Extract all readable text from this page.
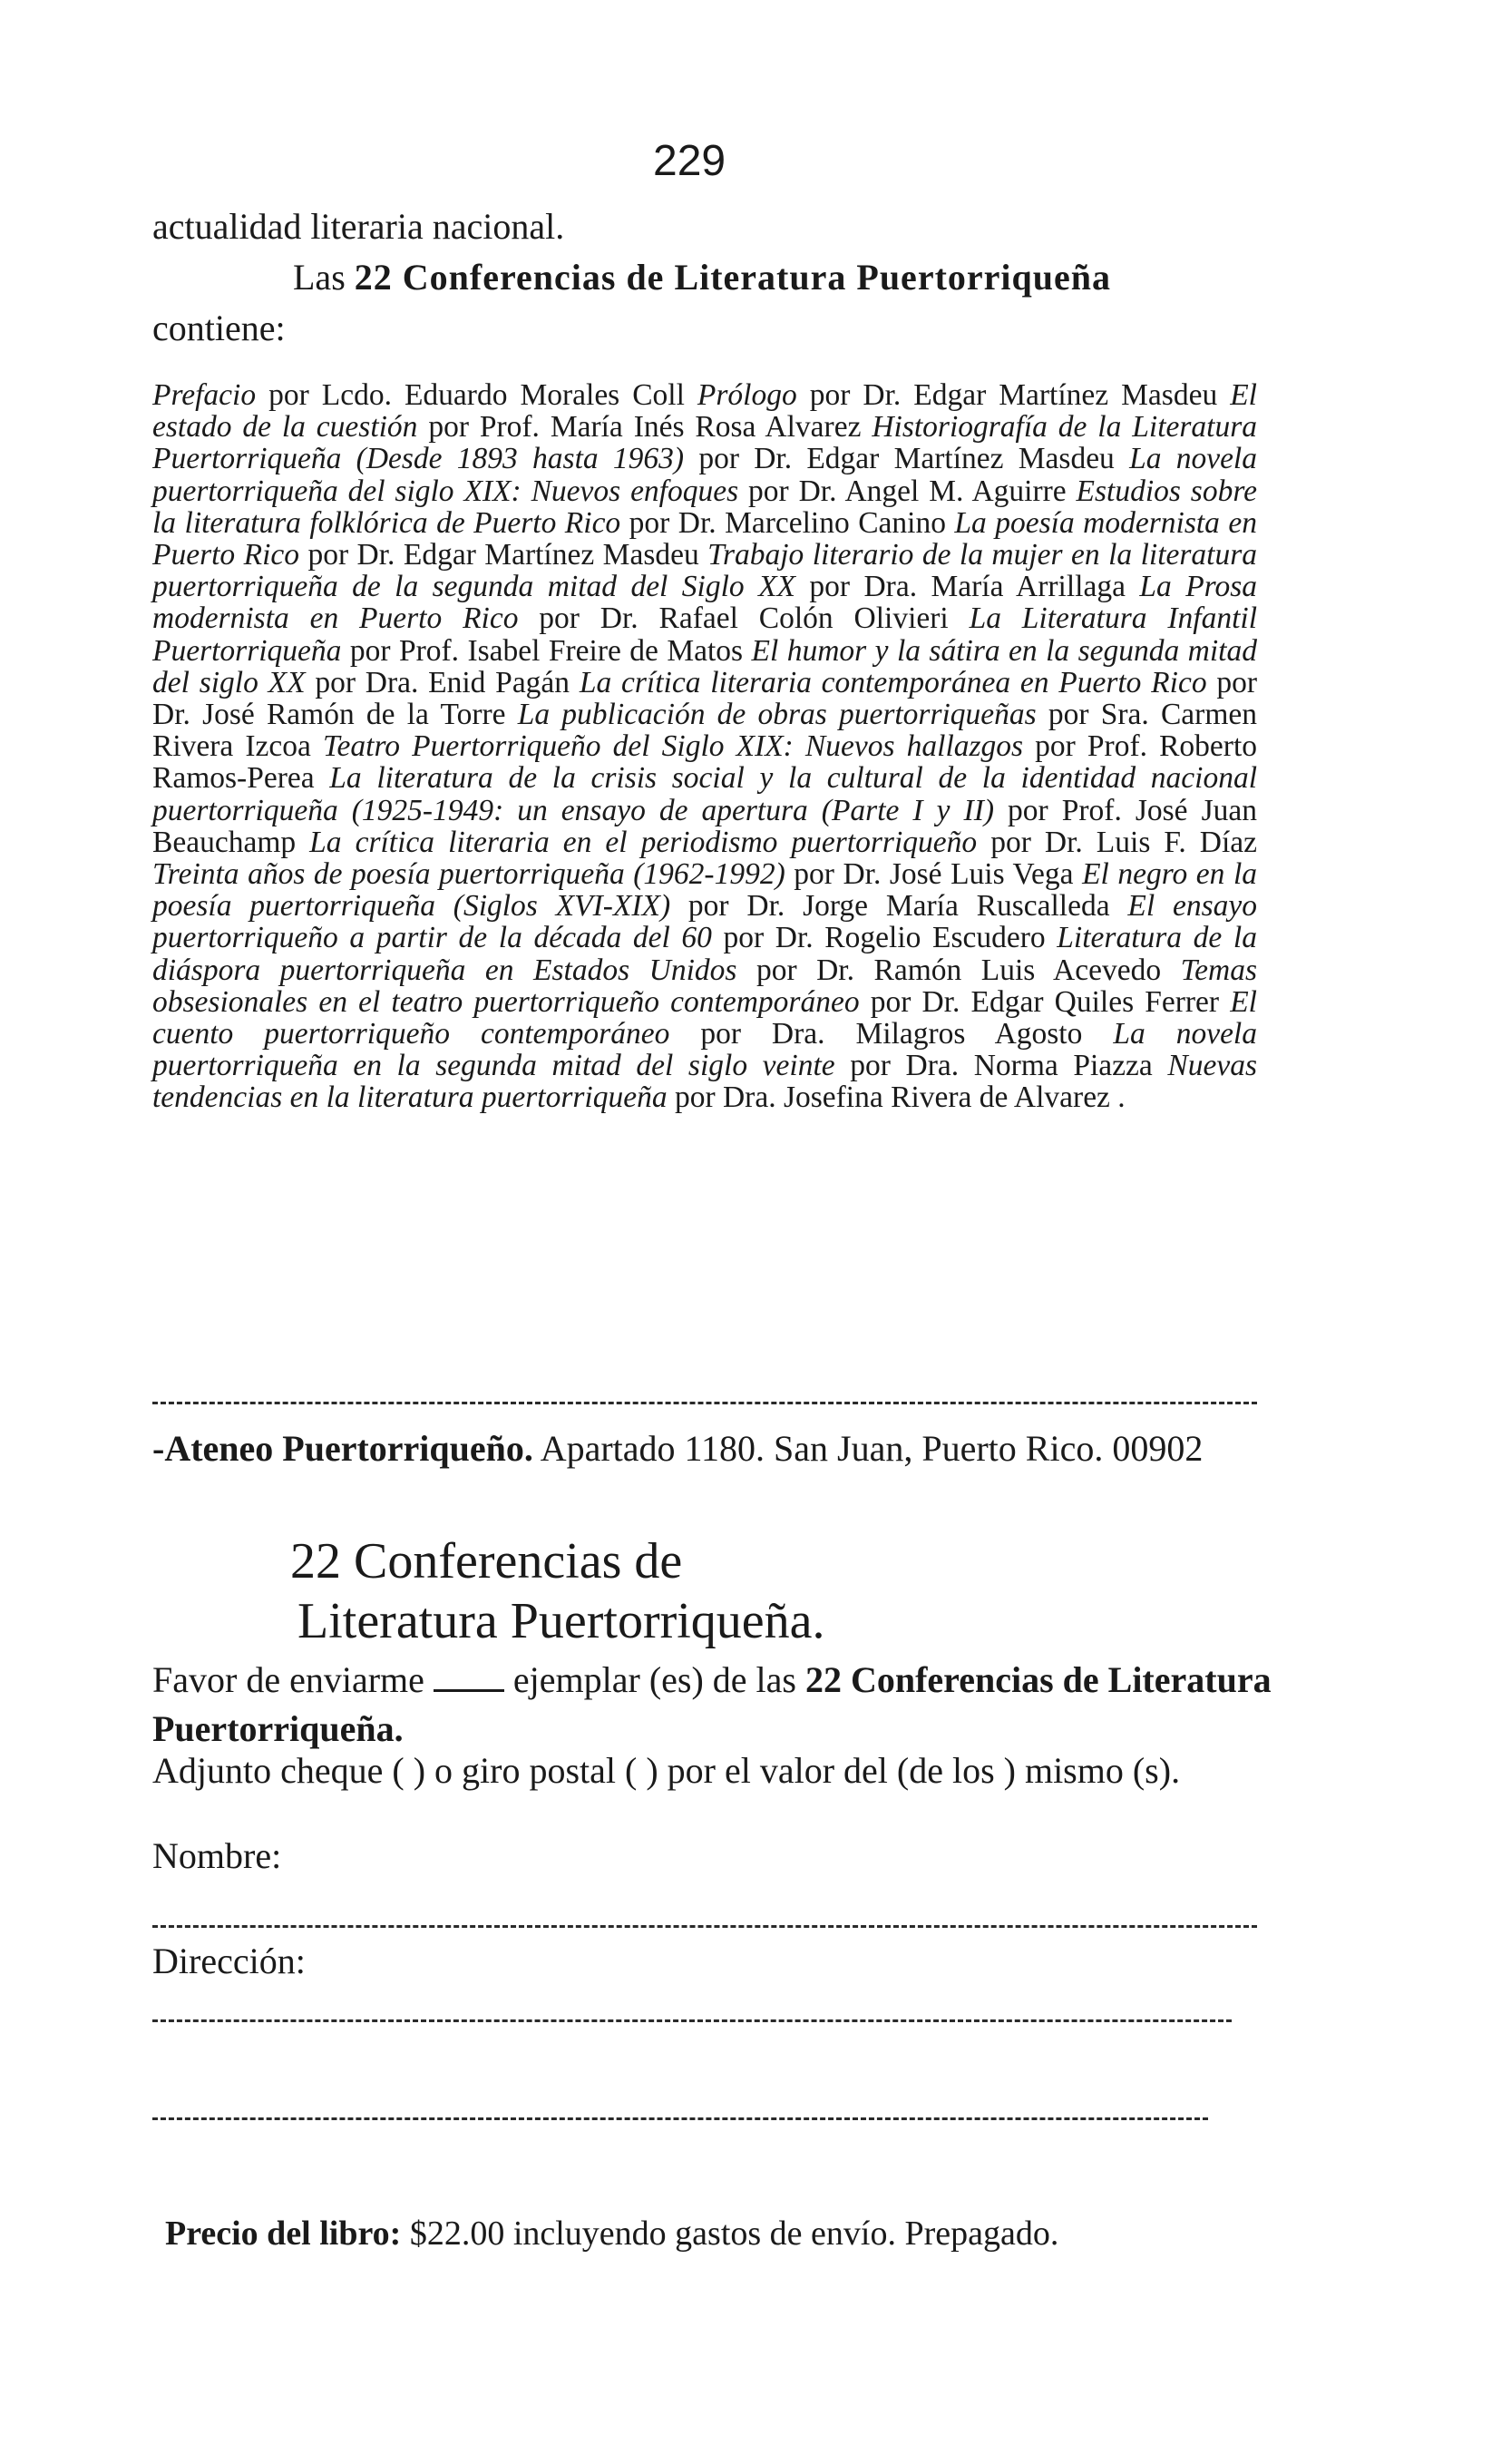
229
actualidad literaria nacional.
Las 22 Conferencias de Literatura Puertorriqueña
contiene:
Prefacio por Lcdo. Eduardo Morales Coll Prólogo por Dr. Edgar Martínez Masdeu El estado de la cuestión por Prof. María Inés Rosa Alvarez Historiografía de la Literatura Puertorriqueña (Desde 1893 hasta 1963) por Dr. Edgar Martínez Masdeu La novela puertorriqueña del siglo XIX: Nuevos enfoques por Dr. Angel M. Aguirre Estudios sobre la literatura folklórica de Puerto Rico por Dr. Marcelino Canino La poesía modernista en Puerto Rico por Dr. Edgar Martínez Masdeu Trabajo literario de la mujer en la literatura puertorriqueña de la segunda mitad del Siglo XX por Dra. María Arrillaga La Prosa modernista en Puerto Rico por Dr. Rafael Colón Olivieri La Literatura Infantil Puertorriqueña por Prof. Isabel Freire de Matos El humor y la sátira en la segunda mitad del siglo XX por Dra. Enid Pagán La crítica literaria contemporánea en Puerto Rico por Dr. José Ramón de la Torre La publicación de obras puertorriqueñas por Sra. Carmen Rivera Izcoa Teatro Puertorriqueño del Siglo XIX: Nuevos hallazgos por Prof. Roberto Ramos-Perea La literatura de la crisis social y la cultural de la identidad nacional puertorriqueña (1925-1949: un ensayo de apertura (Parte I y II) por Prof. José Juan Beauchamp La crítica literaria en el periodismo puertorriqueño por Dr. Luis F. Díaz Treinta años de poesía puertorriqueña (1962-1992) por Dr. José Luis Vega El negro en la poesía puertorriqueña (Siglos XVI-XIX) por Dr. Jorge María Ruscalleda El ensayo puertorriqueño a partir de la década del 60 por Dr. Rogelio Escudero Literatura de la diáspora puertorriqueña en Estados Unidos por Dr. Ramón Luis Acevedo Temas obsesionales en el teatro puertorriqueño contemporáneo por Dr. Edgar Quiles Ferrer El cuento puertorriqueño contemporáneo por Dra. Milagros Agosto La novela puertorriqueña en la segunda mitad del siglo veinte por Dra. Norma Piazza Nuevas tendencias en la literatura puertorriqueña por Dra. Josefina Rivera de Alvarez .
-Ateneo Puertorriqueño. Apartado 1180. San Juan, Puerto Rico. 00902
22 Conferencias de
Literatura Puertorriqueña.
Favor de enviarme  ejemplar (es) de las 22 Conferencias de Literatura Puertorriqueña.
Adjunto cheque ( ) o giro postal ( ) por el valor del (de los ) mismo (s).
Nombre:
Dirección:
Precio del libro: $22.00 incluyendo gastos de envío. Prepagado.
